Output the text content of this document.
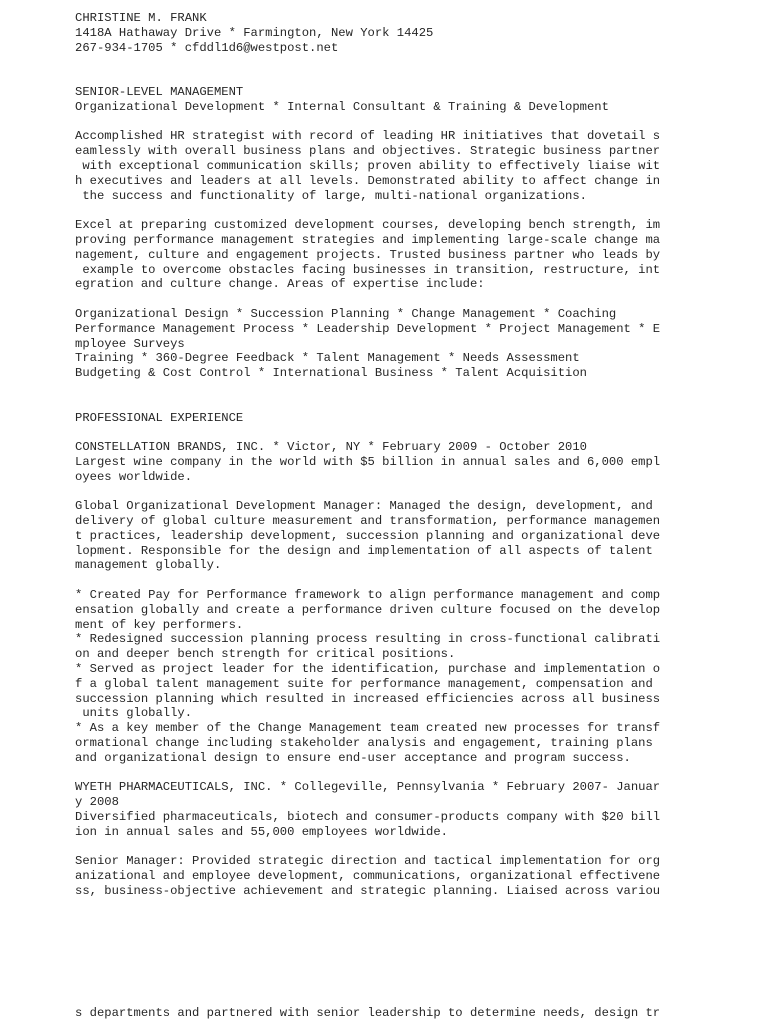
CHRISTINE M. FRANK
1418A Hathaway Drive * Farmington, New York 14425
267-934-1705 * cfddl1d6@westpost.net
SENIOR-LEVEL MANAGEMENT
Organizational Development * Internal Consultant & Training & Development
Accomplished HR strategist with record of leading HR initiatives that dovetail s
eamlessly with overall business plans and objectives. Strategic business partner
with exceptional communication skills; proven ability to effectively liaise wit
h executives and leaders at all levels. Demonstrated ability to affect change in
the success and functionality of large, multi-national organizations.
Excel at preparing customized development courses, developing bench strength, im
proving performance management strategies and implementing large-scale change ma
nagement, culture and engagement projects. Trusted business partner who leads by
example to overcome obstacles facing businesses in transition, restructure, int
egration and culture change. Areas of expertise include:
Organizational Design * Succession Planning * Change Management * Coaching
Performance Management Process * Leadership Development * Project Management * E
mployee Surveys
Training * 360-Degree Feedback * Talent Management * Needs Assessment
Budgeting & Cost Control * International Business * Talent Acquisition
PROFESSIONAL EXPERIENCE
CONSTELLATION BRANDS, INC. * Victor, NY * February 2009 - October 2010
Largest wine company in the world with $5 billion in annual sales and 6,000 empl
oyees worldwide.
Global Organizational Development Manager: Managed the design, development, and
delivery of global culture measurement and transformation, performance managemen
t practices, leadership development, succession planning and organizational deve
lopment. Responsible for the design and implementation of all aspects of talent
management globally.
* Created Pay for Performance framework to align performance management and comp
ensation globally and create a performance driven culture focused on the develop
ment of key performers.
* Redesigned succession planning process resulting in cross-functional calibrati
on and deeper bench strength for critical positions.
* Served as project leader for the identification, purchase and implementation o
f a global talent management suite for performance management, compensation and
succession planning which resulted in increased efficiencies across all business
units globally.
* As a key member of the Change Management team created new processes for transf
ormational change including stakeholder analysis and engagement, training plans
and organizational design to ensure end-user acceptance and program success.
WYETH PHARMACEUTICALS, INC. * Collegeville, Pennsylvania * February 2007- Januar
y 2008
Diversified pharmaceuticals, biotech and consumer-products company with $20 bill
ion in annual sales and 55,000 employees worldwide.
Senior Manager: Provided strategic direction and tactical implementation for org
anizational and employee development, communications, organizational effectivene
ss, business-objective achievement and strategic planning. Liaised across variou
s departments and partnered with senior leadership to determine needs, design tr
